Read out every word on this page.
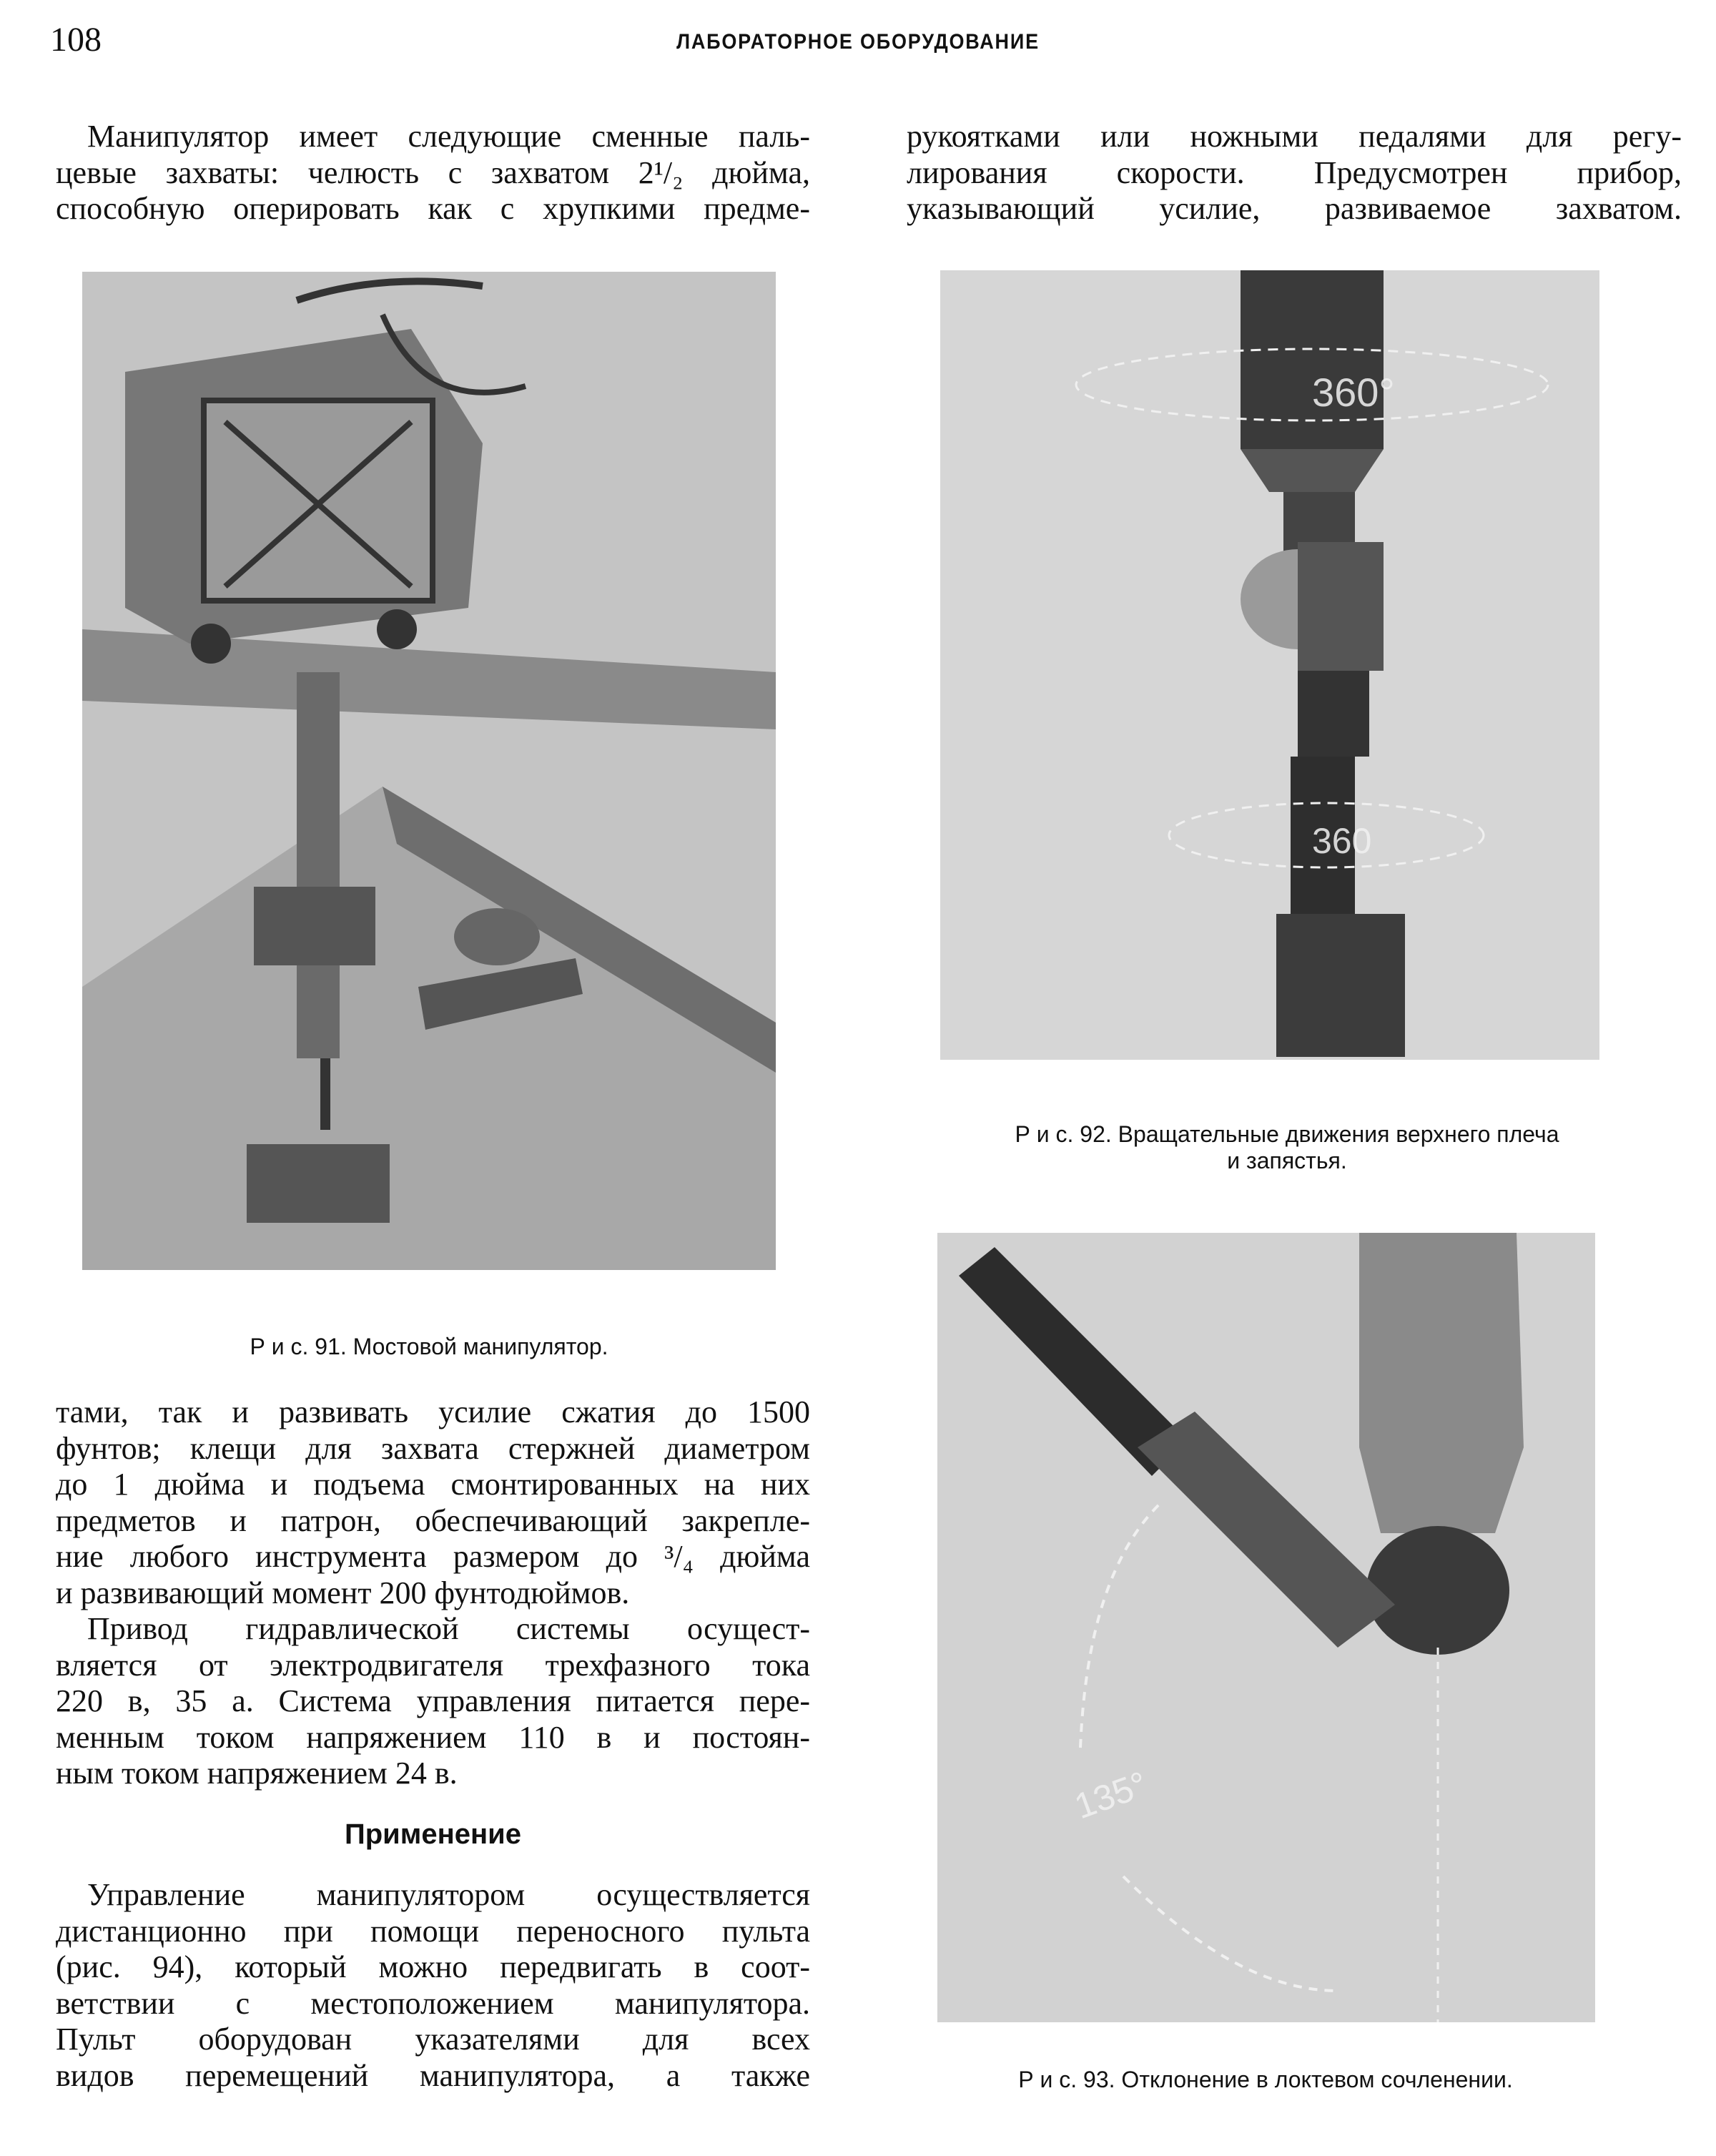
108	ЛАБОРАТОРНОЕ ОБОРУДОВАНИЕ
Манипулятор имеет следующие сменные паль-
цевые захваты: челюсть с захватом 2¹/₂ дюйма,
способную оперировать как с хрупкими предме-
рукоятками или ножными педалями для регу-
лирования скорости. Предусмотрен прибор,
указывающий усилие, развиваемое захватом.
Р и с. 91. Мостовой манипулятор.
тами, так и развивать усилие сжатия до 1500
фунтов; клещи для захвата стержней диаметром
до 1 дюйма и подъема смонтированных на них
предметов и патрон, обеспечивающий закрепле-
ние любого инструмента размером до ³/₄ дюйма
и развивающий момент 200 фунтодюймов.
Привод гидравлической системы осущест-
вляется от электродвигателя трехфазного тока
220 в, 35 а. Система управления питается пере-
менным током напряжением 110 в и постоян-
ным током напряжением 24 в.
Применение
Управление манипулятором осуществляется
дистанционно при помощи переносного пульта
(рис. 94), который можно передвигать в соот-
ветствии с местоположением манипулятора.
Пульт оборудован указателями для всех
видов перемещений манипулятора, а также
360°
360
Р и с. 92. Вращательные движения верхнего плеча
и запястья.
135°
Р и с. 93. Отклонение в локтевом сочленении.
